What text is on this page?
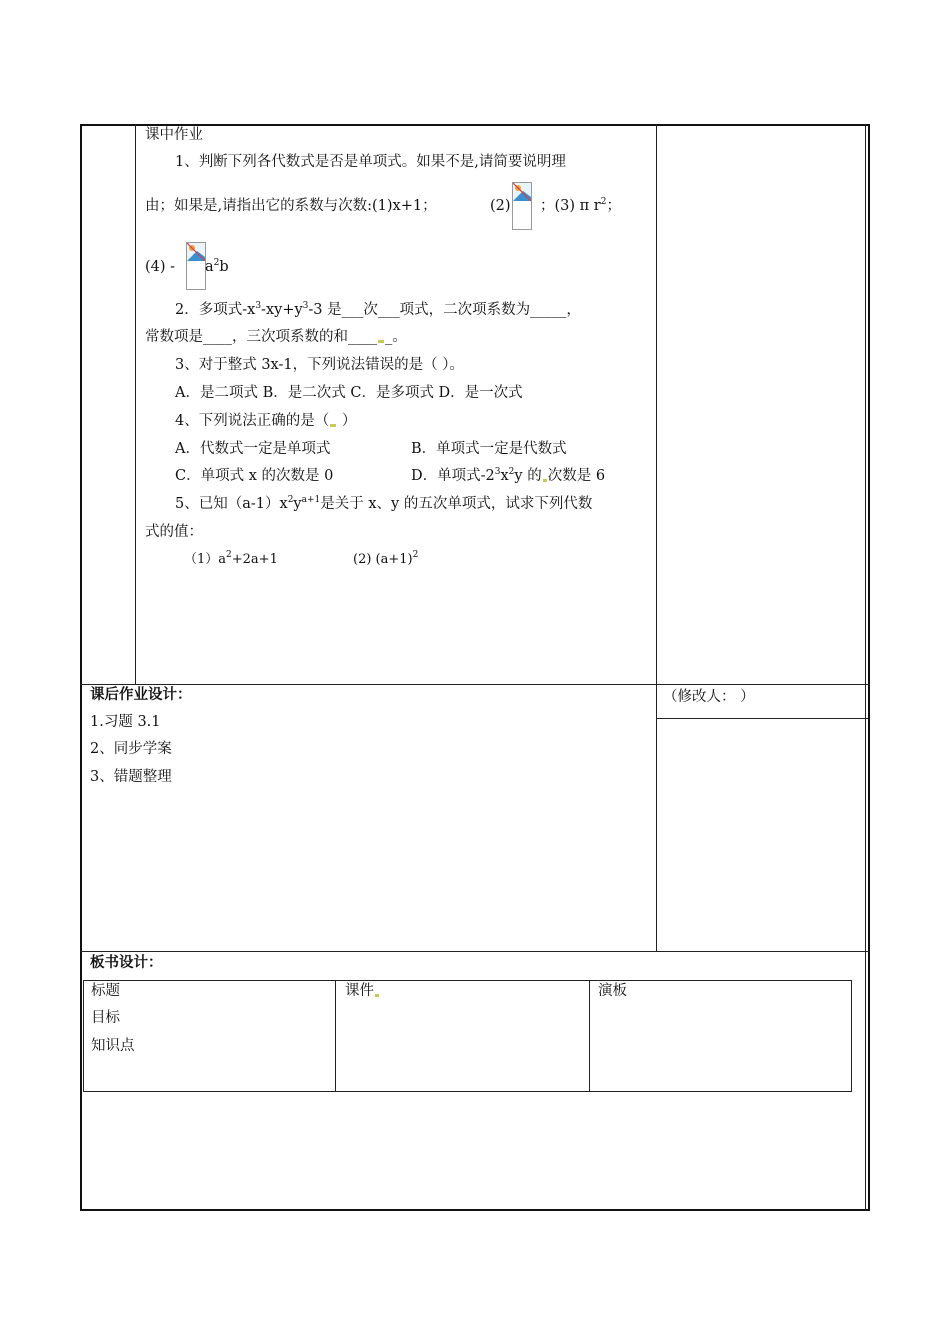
课中作业
1、判断下列各代数式是否是单项式。如果不是,请简要说明理
由；如果是,请指出它的系数与次数:(1)x+1；	(2) ；(3) π $r^2$；
$(4) - a^2b$
2．多项式$-x^3-xy+y^3-3$ 是___次___项式，二次项系数为_____，
常数项是____，三次项系数的和____ _。
3、对于整式 3x-1，下列说法错误的是（ ）。
A．是二项式 B．是二次式 C．是多项式 D．是一次式
4、下列说法正确的是（ ）
A．代数式一定是单项式	B．单项式一定是代数式
C．单项式 x 的次数是 0	D．单项式$-2^3x^2y$ 的 次数是 6
5、已知$(a-1)x^2y^{a+1}$是关于 x、y 的五次单项式，试求下列代数
式的值：
$(1)a^2+2a+1$	(2) $(a+1)^2$
课后作业设计：	（修改人： ）
1.习题 3.1
2、同步学案
3、错题整理
板书设计：
标题
目标
知识点
课件	演板
